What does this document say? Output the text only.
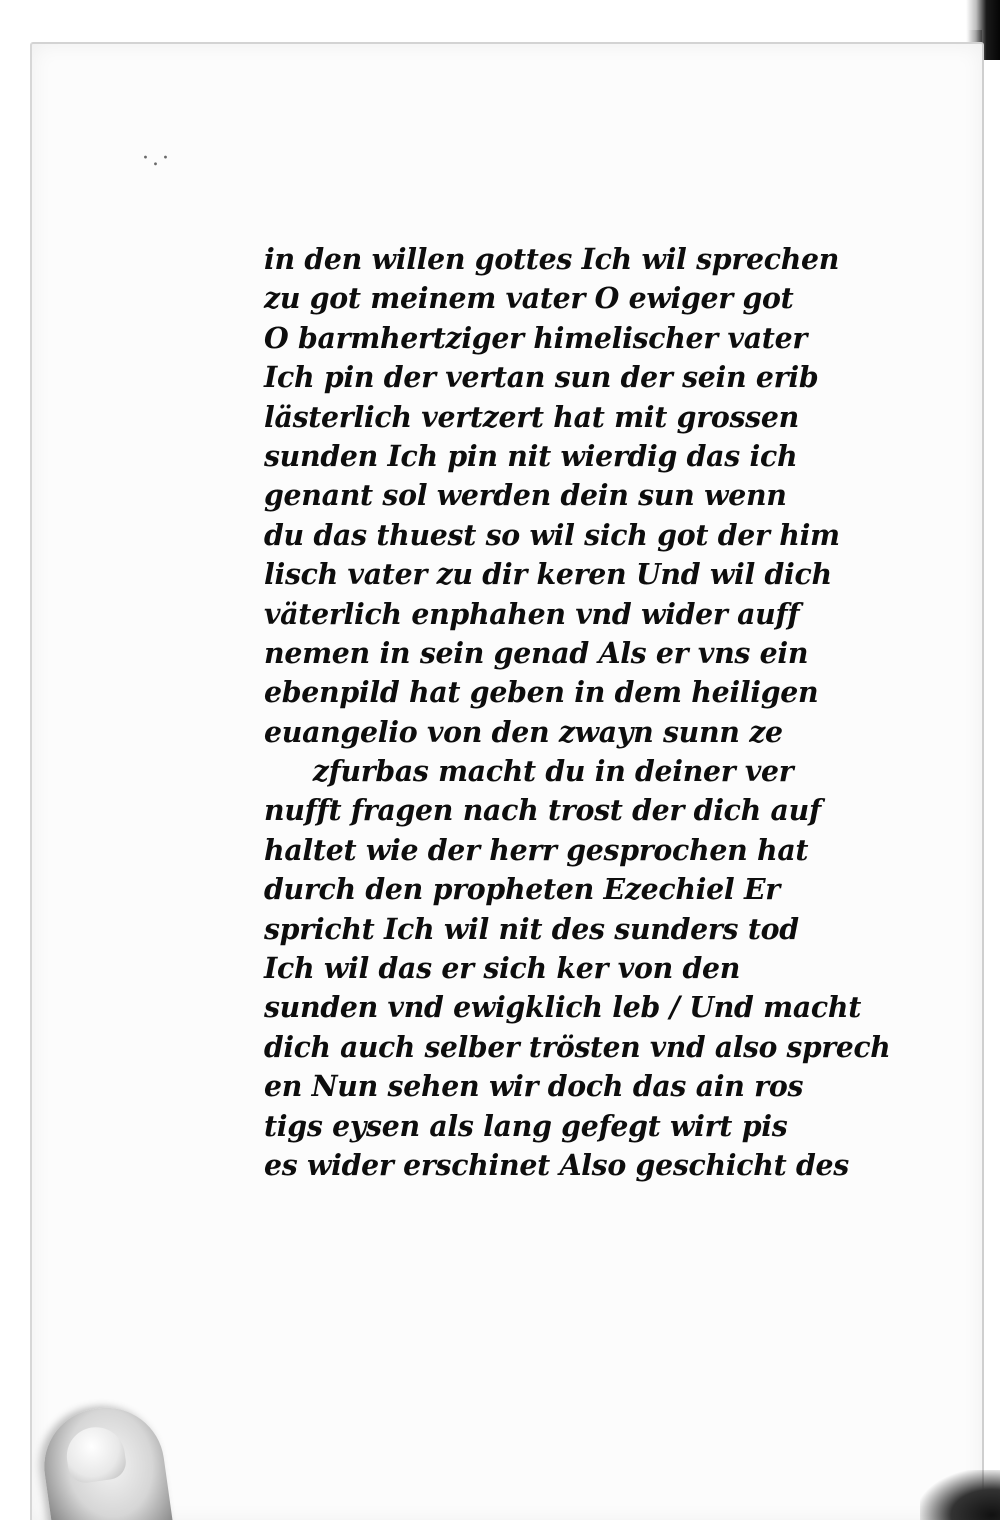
·.·
in den willen gottes Ich wil sprechen
zu got meinem vater O ewiger got
O barmhertziger himelischer vater
Ich pin der vertan sun der sein erib
lästerlich vertzert hat mit grossen
sunden Ich pin nit wierdig das ich
genant sol werden dein sun wenn
du das thuest so wil sich got der him
lisch vater zu dir keren Und wil dich
väterlich enphahen vnd wider auff
nemen in sein genad Als er vns ein
ebenpild hat geben in dem heiligen
euangelio von den zwayn sunn ze
zfurbas macht du in deiner ver
nufft fragen nach trost der dich auf
haltet wie der herr gesprochen hat
durch den propheten Ezechiel Er
spricht Ich wil nit des sunders tod
Ich wil das er sich ker von den
sunden vnd ewigklich leb / Und macht
dich auch selber trösten vnd also sprech
en Nun sehen wir doch das ain ros
tigs eysen als lang gefegt wirt pis
es wider erschinet Also geschicht des
